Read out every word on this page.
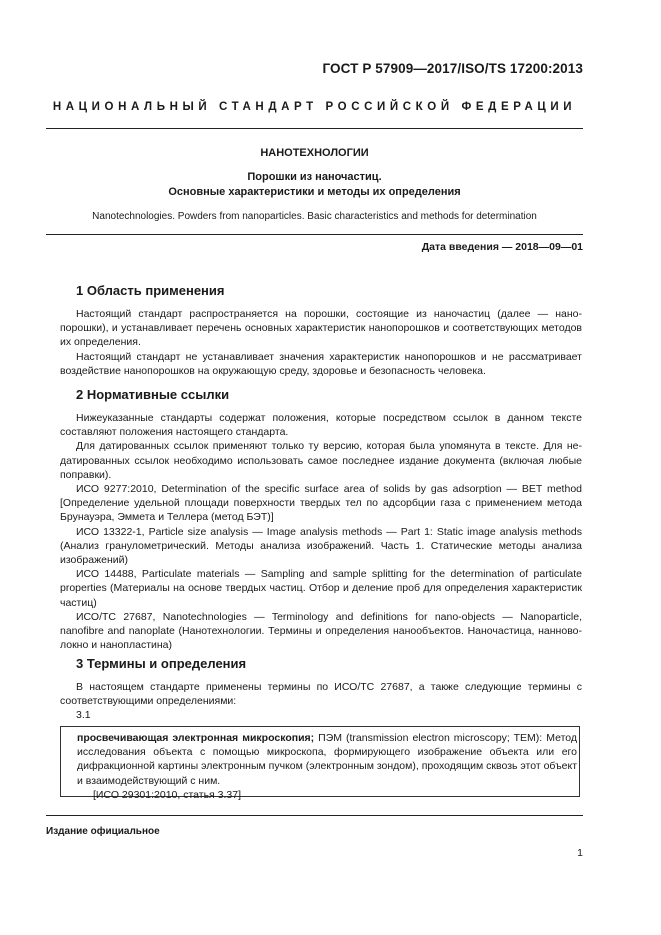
ГОСТ Р 57909—2017/ISO/TS 17200:2013
НАЦИОНАЛЬНЫЙ СТАНДАРТ РОССИЙСКОЙ ФЕДЕРАЦИИ
НАНОТЕХНОЛОГИИ
Порошки из наночастиц.
Основные характеристики и методы их определения
Nanotechnologies. Powders from nanoparticles. Basic characteristics and methods for determination
Дата введения — 2018—09—01
1 Область применения

Настоящий стандарт распространяется на порошки, состоящие из наночастиц (далее — нанопорошки), и устанавливает перечень основных характеристик нанопорошков и соответствующих методов их определения.

Настоящий стандарт не устанавливает значения характеристик нанопорошков и не рассматривает воздействие нанопорошков на окружающую среду, здоровье и безопасность человека.

2 Нормативные ссылки

Нижеуказанные стандарты содержат положения, которые посредством ссылок в данном тексте составляют положения настоящего стандарта.

Для датированных ссылок применяют только ту версию, которая была упомянута в тексте. Для недатированных ссылок необходимо использовать самое последнее издание документа (включая любые поправки).

ИСО 9277:2010, Determination of the specific surface area of solids by gas adsorption — BET method [Определение удельной площади поверхности твердых тел по адсорбции газа с применением метода Брунауэра, Эммета и Теллера (метод БЭТ)]

ИСО 13322-1, Particle size analysis — Image analysis methods — Part 1: Static image analysis methods (Анализ гранулометрический. Методы анализа изображений. Часть 1. Статические методы анализа изображений)

ИСО 14488, Particulate materials — Sampling and sample splitting for the determination of particulate properties (Материалы на основе твердых частиц. Отбор и деление проб для определения характеристик частиц)

ИСО/ТС 27687, Nanotechnologies — Terminology and definitions for nano-objects — Nanoparticle, nanofibre and nanoplate (Нанотехнологии. Термины и определения нанообъектов. Наночастица, нанноволокно и нанопластина)

3 Термины и определения

В настоящем стандарте применены термины по ИСО/ТС 27687, а также следующие термины с соответствующими определениями:

3.1

просвечивающая электронная микроскопия; ПЭМ (transmission electron microscopy; TEM): Метод исследования объекта с помощью микроскопа, формирующего изображение объекта или его дифракционной картины электронным пучком (электронным зондом), проходящим сквозь этот объект и взаимодействующий с ним.

[ИСО 29301:2010, статья 3.37]

Издание официальное
1
